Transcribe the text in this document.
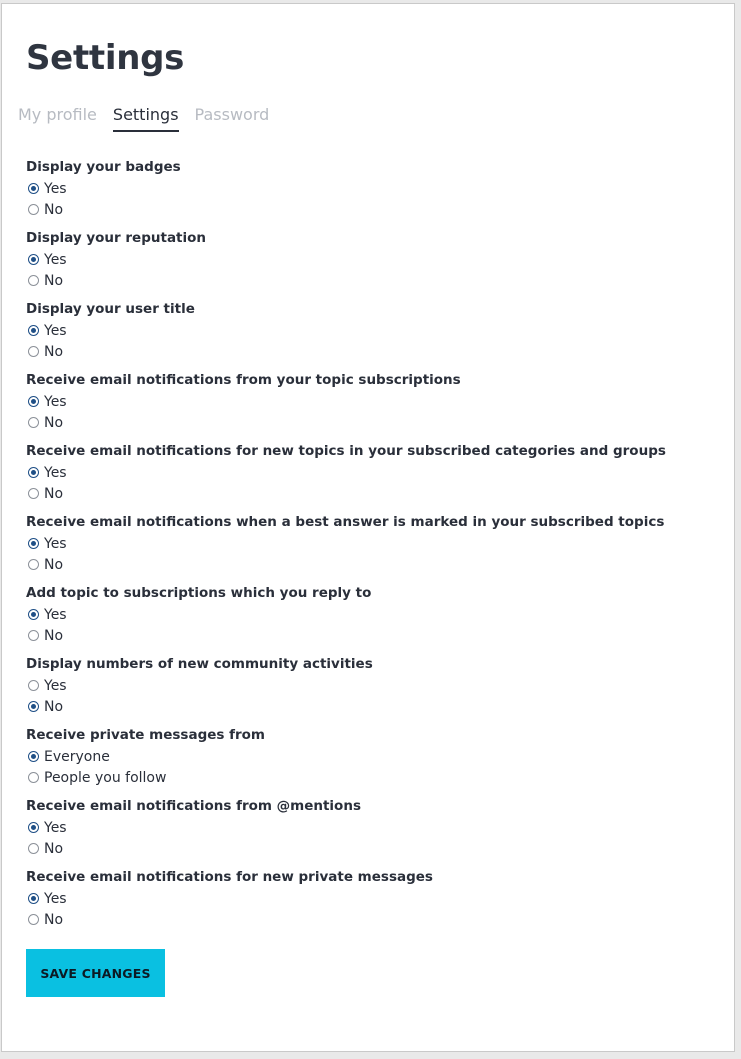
Settings
My profile Settings Password
Display your badges
Yes
No
Display your reputation
Yes
No
Display your user title
Yes
No
Receive email notifications from your topic subscriptions
Yes
No
Receive email notifications for new topics in your subscribed categories and groups
Yes
No
Receive email notifications when a best answer is marked in your subscribed topics
Yes
No
Add topic to subscriptions which you reply to
Yes
No
Display numbers of new community activities
Yes
No
Receive private messages from
Everyone
People you follow
Receive email notifications from @mentions
Yes
No
Receive email notifications for new private messages
Yes
No
SAVE CHANGES
